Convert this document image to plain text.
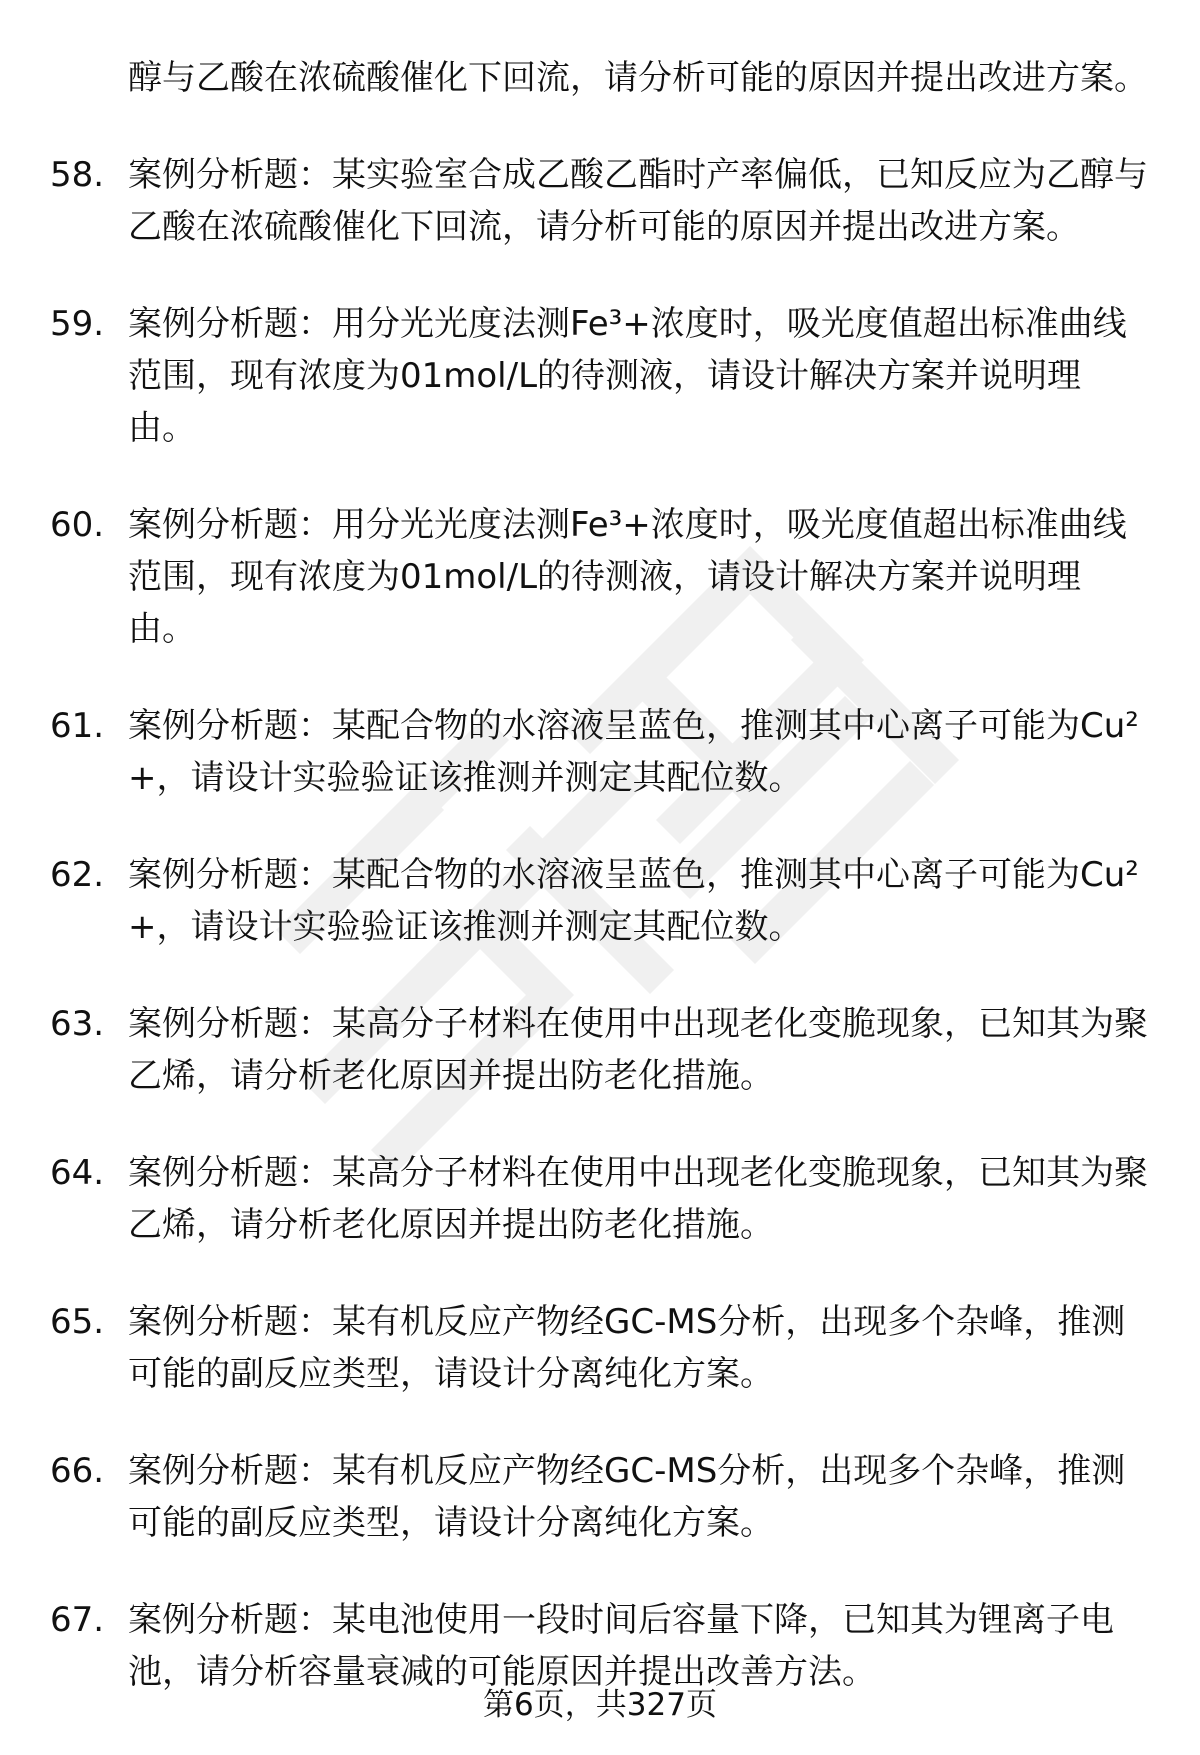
醇与乙酸在浓硫酸催化下回流，请分析可能的原因并提出改进方案。
58. 案例分析题：某实验室合成乙酸乙酯时产率偏低，已知反应为乙醇与乙酸在浓硫酸催化下回流，请分析可能的原因并提出改进方案。
59. 案例分析题：用分光光度法测Fe³+浓度时，吸光度值超出标准曲线范围，现有浓度为01mol/L的待测液，请设计解决方案并说明理由。
60. 案例分析题：用分光光度法测Fe³+浓度时，吸光度值超出标准曲线范围，现有浓度为01mol/L的待测液，请设计解决方案并说明理由。
61. 案例分析题：某配合物的水溶液呈蓝色，推测其中心离子可能为Cu²+，请设计实验验证该推测并测定其配位数。
62. 案例分析题：某配合物的水溶液呈蓝色，推测其中心离子可能为Cu²+，请设计实验验证该推测并测定其配位数。
63. 案例分析题：某高分子材料在使用中出现老化变脆现象，已知其为聚乙烯，请分析老化原因并提出防老化措施。
64. 案例分析题：某高分子材料在使用中出现老化变脆现象，已知其为聚乙烯，请分析老化原因并提出防老化措施。
65. 案例分析题：某有机反应产物经GC-MS分析，出现多个杂峰，推测可能的副反应类型，请设计分离纯化方案。
66. 案例分析题：某有机反应产物经GC-MS分析，出现多个杂峰，推测可能的副反应类型，请设计分离纯化方案。
67. 案例分析题：某电池使用一段时间后容量下降，已知其为锂离子电池，请分析容量衰减的可能原因并提出改善方法。
第6页，共327页
